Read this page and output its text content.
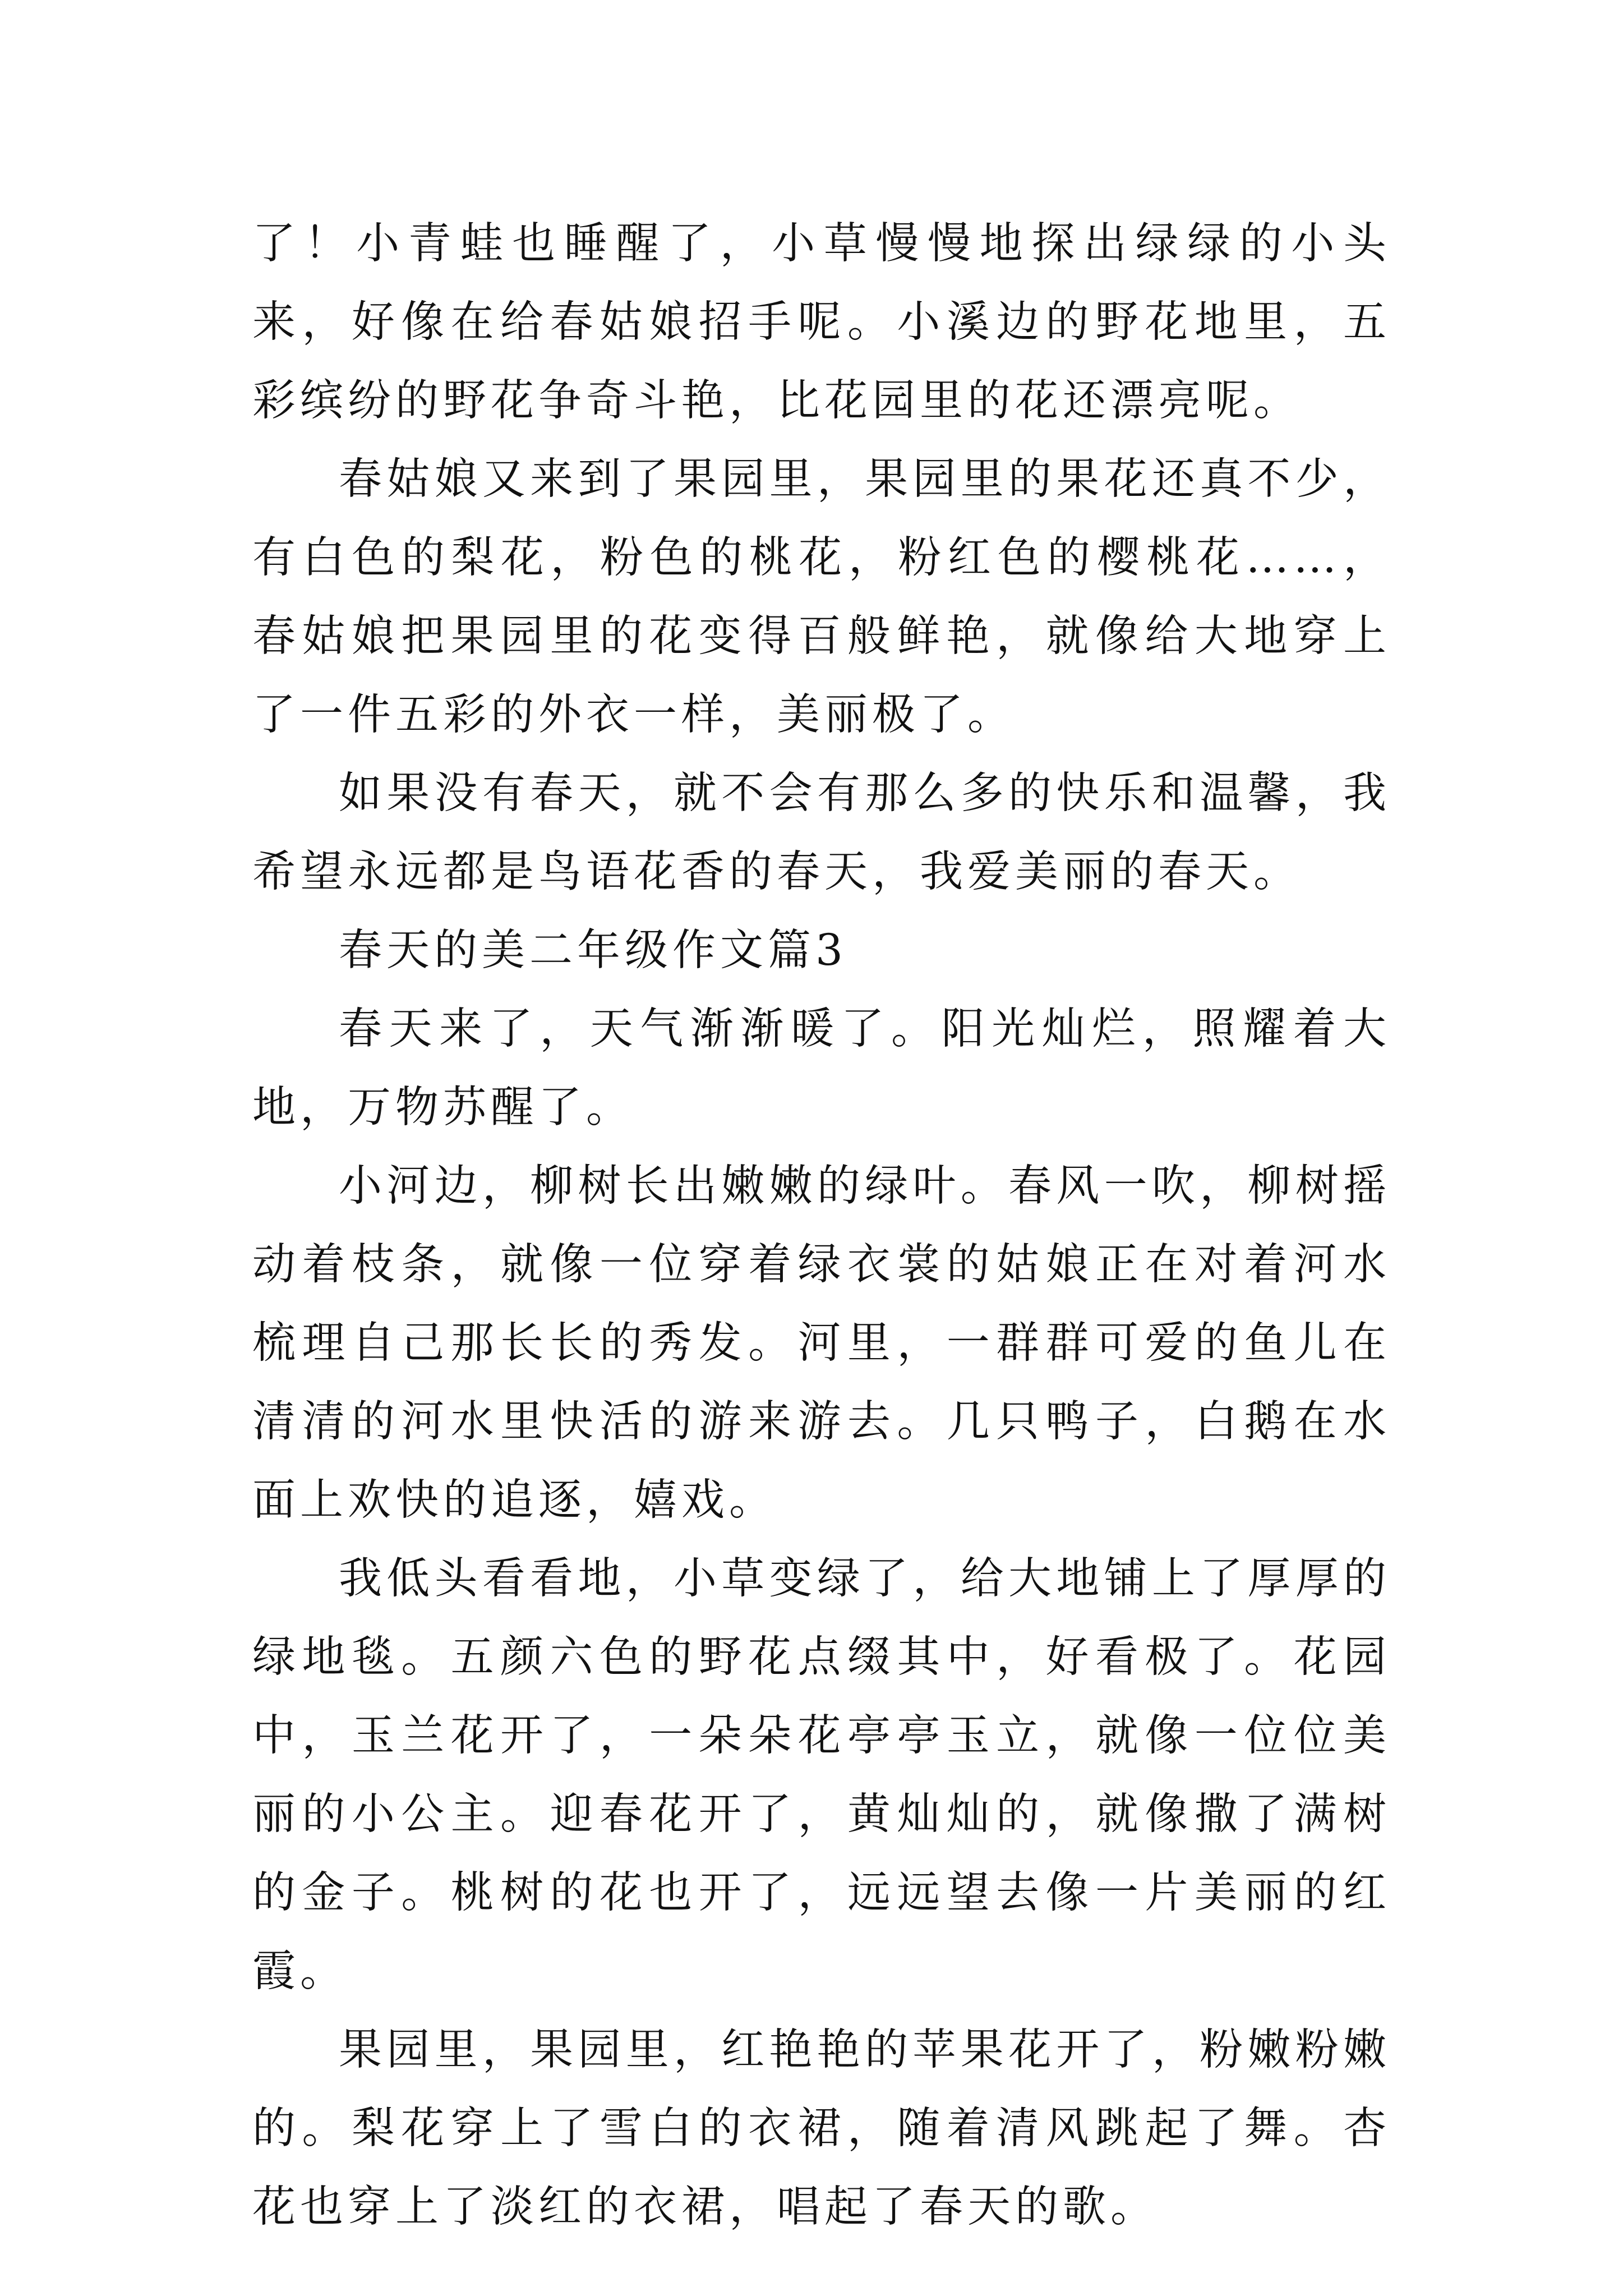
了！小青蛙也睡醒了，小草慢慢地探出绿绿的小头来，好像在给春姑娘招手呢。小溪边的野花地里，五彩缤纷的野花争奇斗艳，比花园里的花还漂亮呢。

春姑娘又来到了果园里，果园里的果花还真不少，有白色的梨花，粉色的桃花，粉红色的樱桃花……，春姑娘把果园里的花变得百般鲜艳，就像给大地穿上了一件五彩的外衣一样，美丽极了。

如果没有春天，就不会有那么多的快乐和温馨，我希望永远都是鸟语花香的春天，我爱美丽的春天。

春天的美二年级作文篇3

春天来了，天气渐渐暖了。阳光灿烂，照耀着大地，万物苏醒了。

小河边，柳树长出嫩嫩的绿叶。春风一吹，柳树摇动着枝条，就像一位穿着绿衣裳的姑娘正在对着河水梳理自己那长长的秀发。河里，一群群可爱的鱼儿在清清的河水里快活的游来游去。几只鸭子，白鹅在水面上欢快的追逐，嬉戏。

我低头看看地，小草变绿了，给大地铺上了厚厚的绿地毯。五颜六色的野花点缀其中，好看极了。花园中，玉兰花开了，一朵朵花亭亭玉立，就像一位位美丽的小公主。迎春花开了，黄灿灿的，就像撒了满树的金子。桃树的花也开了，远远望去像一片美丽的红霞。

果园里，果园里，红艳艳的苹果花开了，粉嫩粉嫩的。梨花穿上了雪白的衣裙，随着清风跳起了舞。杏花也穿上了淡红的衣裙，唱起了春天的歌。
